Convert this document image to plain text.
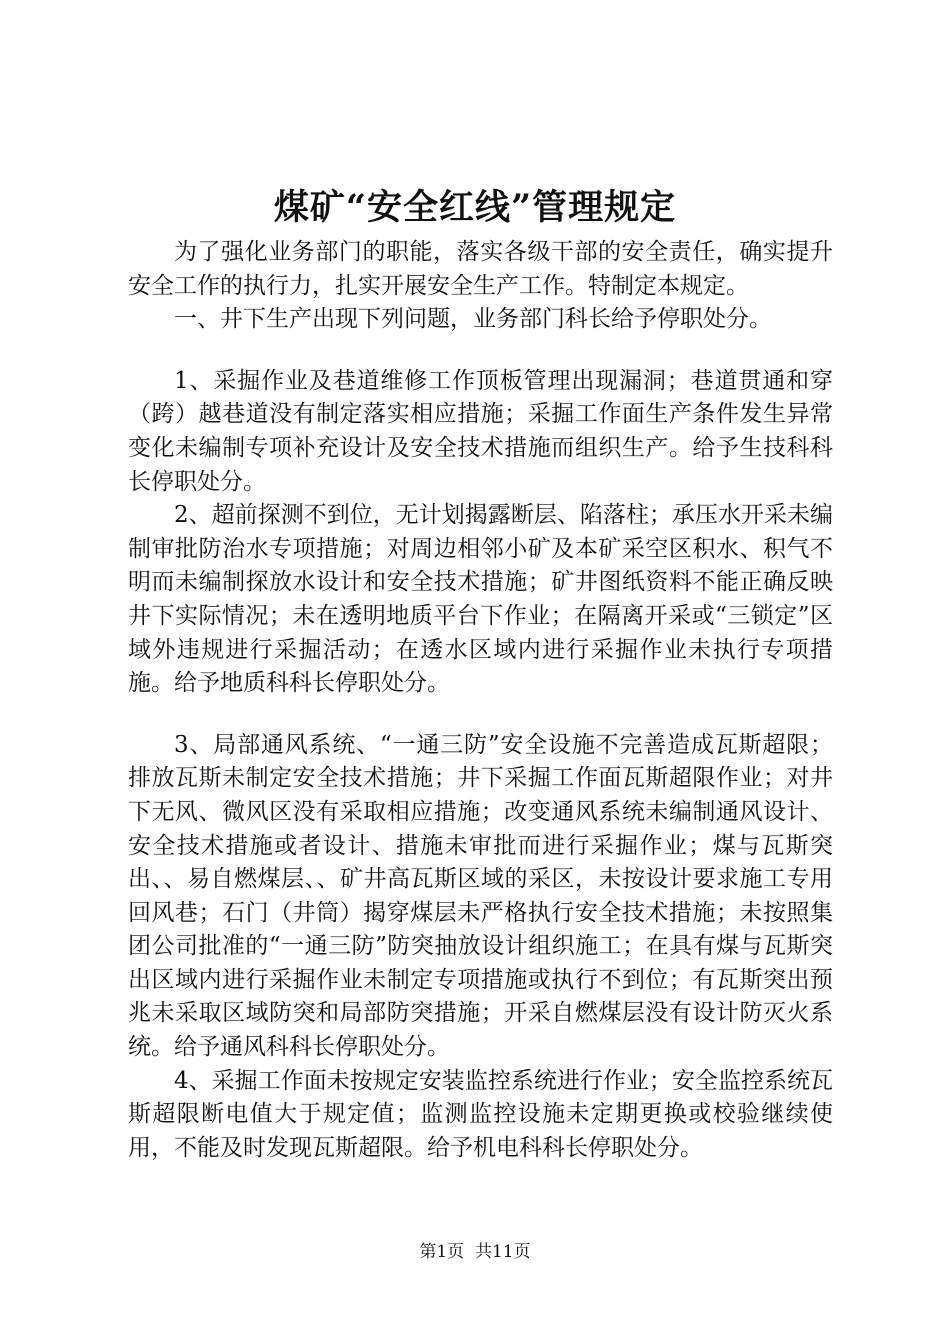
煤矿“安全红线”管理规定

为了强化业务部门的职能，落实各级干部的安全责任，确实提升安全工作的执行力，扎实开展安全生产工作。特制定本规定。

一、井下生产出现下列问题，业务部门科长给予停职处分。

1、采掘作业及巷道维修工作顶板管理出现漏洞；巷道贯通和穿（跨）越巷道没有制定落实相应措施；采掘工作面生产条件发生异常变化未编制专项补充设计及安全技术措施而组织生产。给予生技科科长停职处分。

2、超前探测不到位，无计划揭露断层、陷落柱；承压水开采未编制审批防治水专项措施；对周边相邻小矿及本矿采空区积水、积气不明而未编制探放水设计和安全技术措施；矿井图纸资料不能正确反映井下实际情况；未在透明地质平台下作业；在隔离开采或“三锁定”区域外违规进行采掘活动；在透水区域内进行采掘作业未执行专项措施。给予地质科科长停职处分。

3、局部通风系统、“一通三防”安全设施不完善造成瓦斯超限；排放瓦斯未制定安全技术措施；井下采掘工作面瓦斯超限作业；对井下无风、微风区没有采取相应措施；改变通风系统未编制通风设计、安全技术措施或者设计、措施未审批而进行采掘作业；煤与瓦斯突出、、易自燃煤层、、矿井高瓦斯区域的采区，未按设计要求施工专用回风巷；石门（井筒）揭穿煤层未严格执行安全技术措施；未按照集团公司批准的“一通三防”防突抽放设计组织施工；在具有煤与瓦斯突出区域内进行采掘作业未制定专项措施或执行不到位；有瓦斯突出预兆未采取区域防突和局部防突措施；开采自燃煤层没有设计防灭火系统。给予通风科科长停职处分。

4、采掘工作面未按规定安装监控系统进行作业；安全监控系统瓦斯超限断电值大于规定值；监测监控设施未定期更换或校验继续使用，不能及时发现瓦斯超限。给予机电科科长停职处分。

第1页  共11页
